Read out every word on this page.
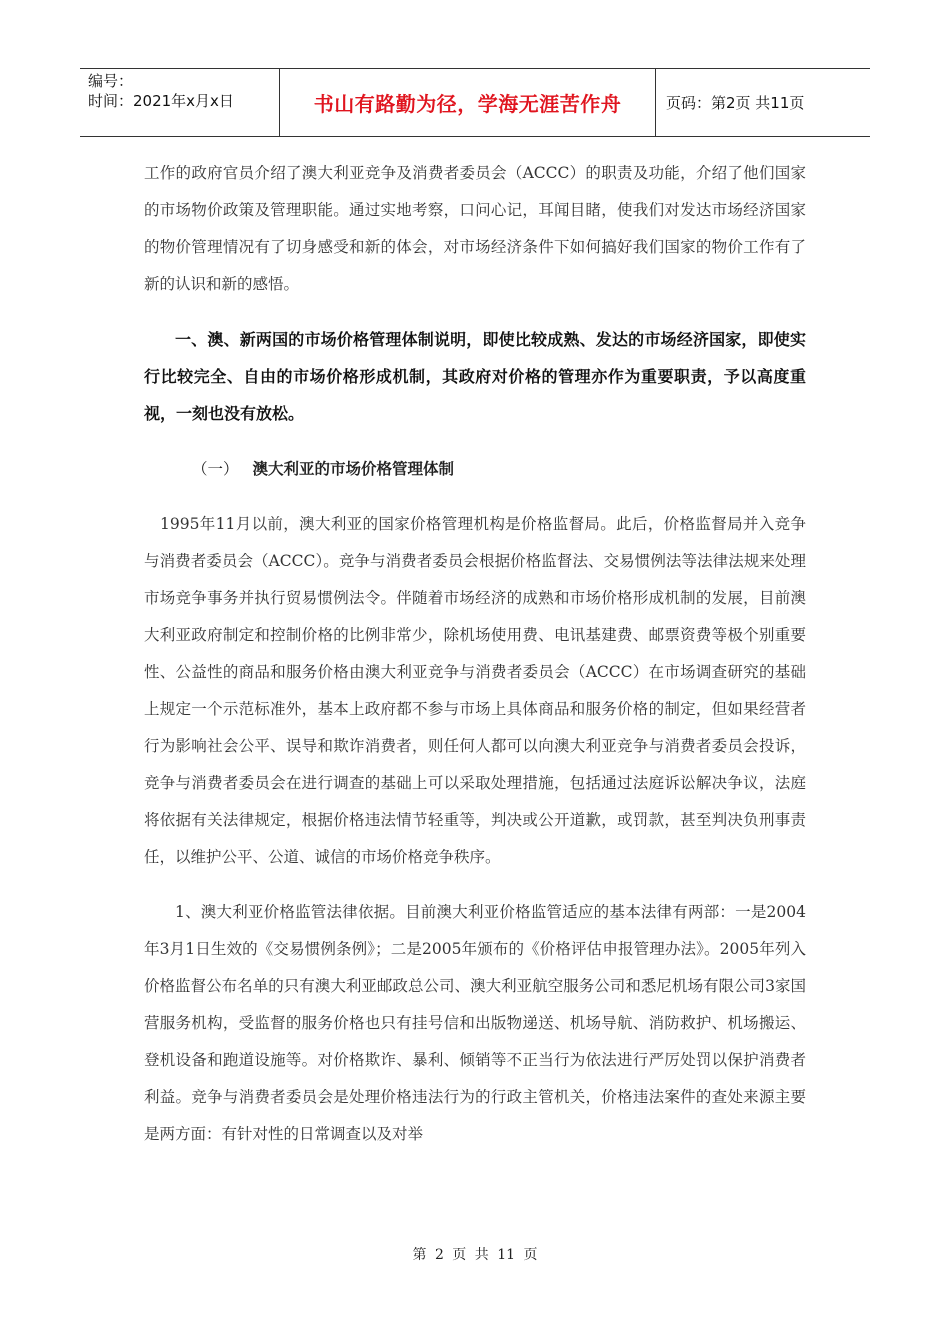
编号：
时间：2021年x月x日	书山有路勤为径，学海无涯苦作舟	页码：第2页 共11页

工作的政府官员介绍了澳大利亚竞争及消费者委员会（ACCC）的职责及功能，介绍了他们国家的市场物价政策及管理职能。通过实地考察，口问心记，耳闻目睹，使我们对发达市场经济国家的物价管理情况有了切身感受和新的体会，对市场经济条件下如何搞好我们国家的物价工作有了新的认识和新的感悟。

一、澳、新两国的市场价格管理体制说明，即使比较成熟、发达的市场经济国家，即使实行比较完全、自由的市场价格形成机制，其政府对价格的管理亦作为重要职责，予以高度重视，一刻也没有放松。

（一） 澳大利亚的市场价格管理体制

1995年11月以前，澳大利亚的国家价格管理机构是价格监督局。此后，价格监督局并入竞争与消费者委员会（ACCC）。竞争与消费者委员会根据价格监督法、交易惯例法等法律法规来处理市场竞争事务并执行贸易惯例法令。伴随着市场经济的成熟和市场价格形成机制的发展，目前澳大利亚政府制定和控制价格的比例非常少，除机场使用费、电讯基建费、邮票资费等极个别重要性、公益性的商品和服务价格由澳大利亚竞争与消费者委员会（ACCC）在市场调查研究的基础上规定一个示范标准外，基本上政府都不参与市场上具体商品和服务价格的制定，但如果经营者行为影响社会公平、误导和欺诈消费者，则任何人都可以向澳大利亚竞争与消费者委员会投诉，竞争与消费者委员会在进行调查的基础上可以采取处理措施，包括通过法庭诉讼解决争议，法庭将依据有关法律规定，根据价格违法情节轻重等，判决或公开道歉，或罚款，甚至判决负刑事责任，以维护公平、公道、诚信的市场价格竞争秩序。

1、澳大利亚价格监管法律依据。目前澳大利亚价格监管适应的基本法律有两部：一是2004年3月1日生效的《交易惯例条例》；二是2005年颁布的《价格评估申报管理办法》。2005年列入价格监督公布名单的只有澳大利亚邮政总公司、澳大利亚航空服务公司和悉尼机场有限公司3家国营服务机构，受监督的服务价格也只有挂号信和出版物递送、机场导航、消防救护、机场搬运、登机设备和跑道设施等。对价格欺诈、暴利、倾销等不正当行为依法进行严厉处罚以保护消费者利益。竞争与消费者委员会是处理价格违法行为的行政主管机关，价格违法案件的查处来源主要是两方面：有针对性的日常调查以及对举

第 2 页 共 11 页
